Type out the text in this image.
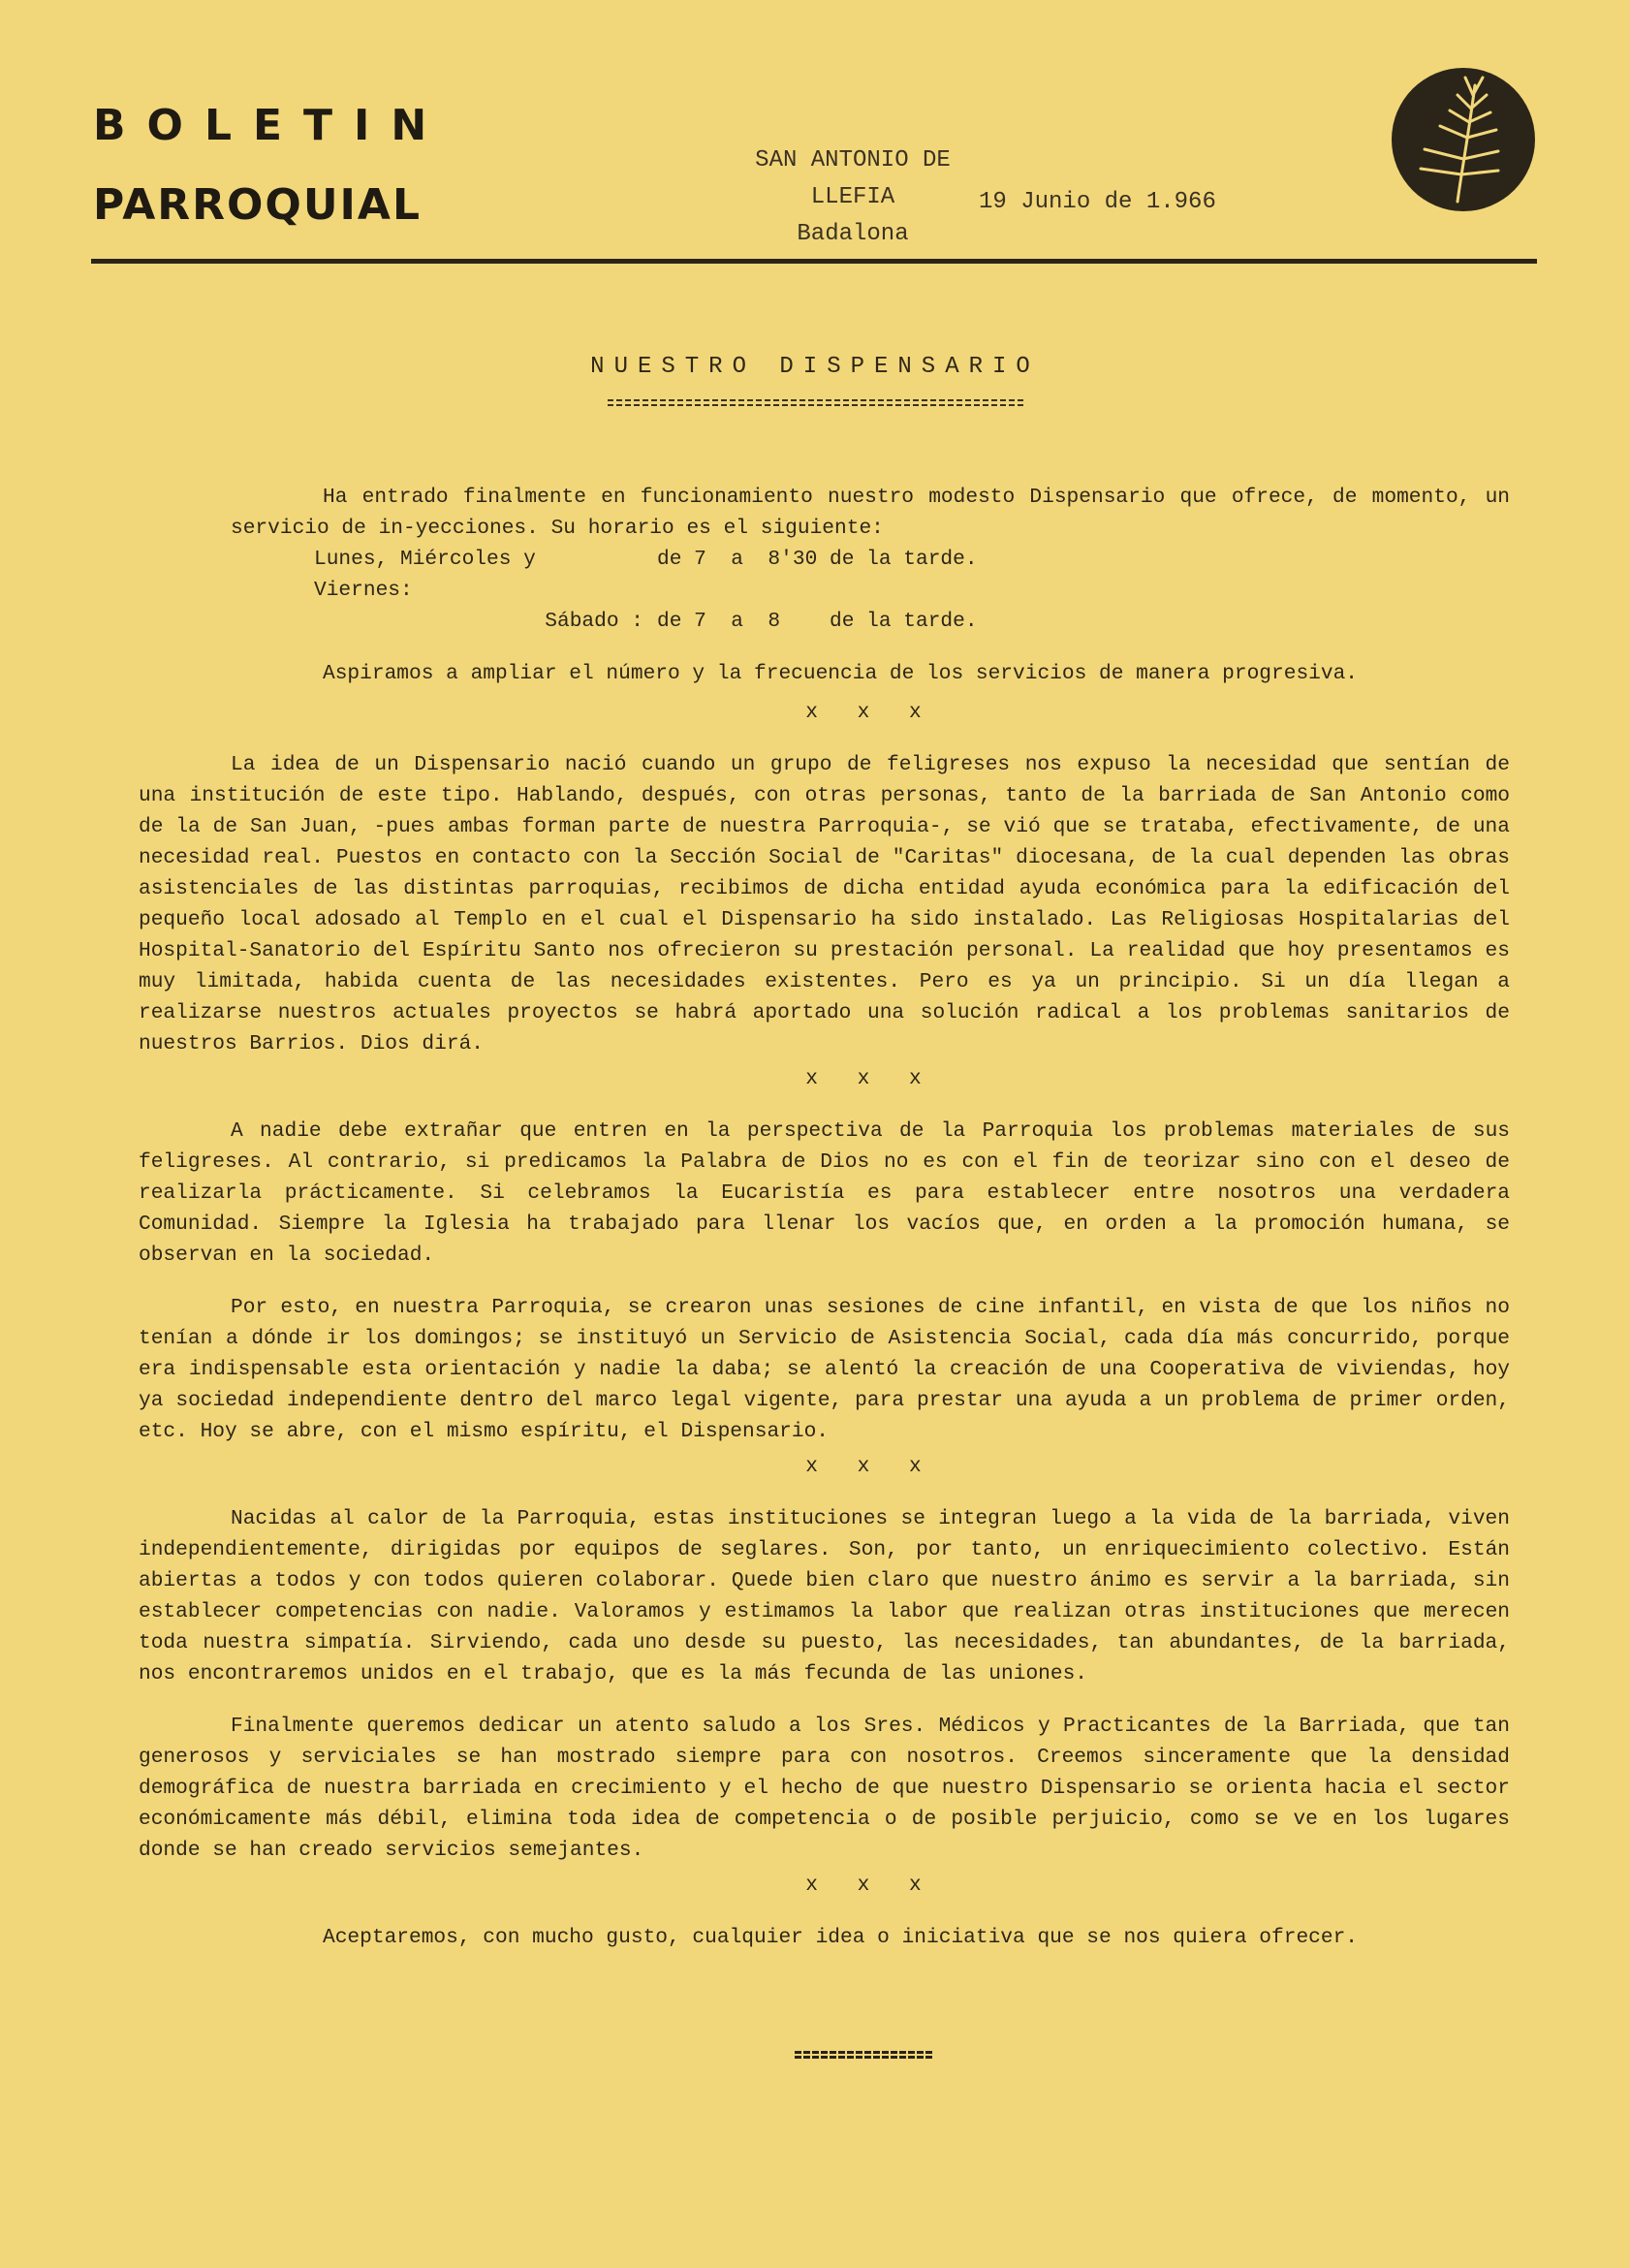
BOLETIN
PARROQUIAL
SAN ANTONIO DE LLEFIA
Badalona
19 Junio de 1.966
NUESTRO DISPENSARIO

Ha entrado finalmente en funcionamiento nuestro modesto Dispensario que ofrece, de momento, un servicio de in-yecciones. Su horario es el siguiente:

Lunes, Miércoles y Viernes:
de 7  a  8'30 de la tarde.
Sábado : de 7  a  8	de la tarde.

Aspiramos a ampliar el número y la frecuencia de los servicios de manera progresiva.

x x x

La idea de un Dispensario nació cuando un grupo de feligreses nos expuso la necesidad que sentían de una institución de este tipo. Hablando, después, con otras personas, tanto de la barriada de San Antonio como de la de San Juan, -pues ambas forman parte de nuestra Parroquia-, se vió que se trataba, efectivamente, de una necesidad real. Puestos en contacto con la Sección Social de "Caritas" diocesana, de la cual dependen las obras asistenciales de las distintas parroquias, recibimos de dicha entidad ayuda económica para la edificación del pequeño local adosado al Templo en el cual el Dispensario ha sido instalado. Las Religiosas Hospitalarias del Hospital-Sanatorio del Espíritu Santo nos ofrecieron su prestación personal. La realidad que hoy presentamos es muy limitada, habida cuenta de las necesidades existentes. Pero es ya un principio. Si un día llegan a realizarse nuestros actuales proyectos se habrá aportado una solución radical a los problemas sanitarios de nuestros Barrios. Dios dirá.

x x x

A nadie debe extrañar que entren en la perspectiva de la Parroquia los problemas materiales de sus feligreses. Al contrario, si predicamos la Palabra de Dios no es con el fin de teorizar sino con el deseo de realizarla prácticamente. Si celebramos la Eucaristía es para establecer entre nosotros una verdadera Comunidad. Siempre la Iglesia ha trabajado para llenar los vacíos que, en orden a la promoción humana, se observan en la sociedad.

Por esto, en nuestra Parroquia, se crearon unas sesiones de cine infantil, en vista de que los niños no tenían a dónde ir los domingos; se instituyó un Servicio de Asistencia Social, cada día más concurrido, porque era indispensable esta orientación y nadie la daba; se alentó la creación de una Cooperativa de viviendas, hoy ya sociedad independiente dentro del marco legal vigente, para prestar una ayuda a un problema de primer orden, etc. Hoy se abre, con el mismo espíritu, el Dispensario.

x x x

Nacidas al calor de la Parroquia, estas instituciones se integran luego a la vida de la barriada, viven independientemente, dirigidas por equipos de seglares. Son, por tanto, un enriquecimiento colectivo. Están abiertas a todos y con todos quieren colaborar. Quede bien claro que nuestro ánimo es servir a la barriada, sin establecer competencias con nadie. Valoramos y estimamos la labor que realizan otras instituciones que merecen toda nuestra simpatía. Sirviendo, cada uno desde su puesto, las necesidades, tan abundantes, de la barriada, nos encontraremos unidos en el trabajo, que es la más fecunda de las uniones.

Finalmente queremos dedicar un atento saludo a los Sres. Médicos y Practicantes de la Barriada, que tan generosos y serviciales se han mostrado siempre para con nosotros. Creemos sinceramente que la densidad demográfica de nuestra barriada en crecimiento y el hecho de que nuestro Dispensario se orienta hacia el sector económicamente más débil, elimina toda idea de competencia o de posible perjuicio, como se ve en los lugares donde se han creado servicios semejantes.

x x x

Aceptaremos, con mucho gusto, cualquier idea o iniciativa que se nos quiera ofrecer.
